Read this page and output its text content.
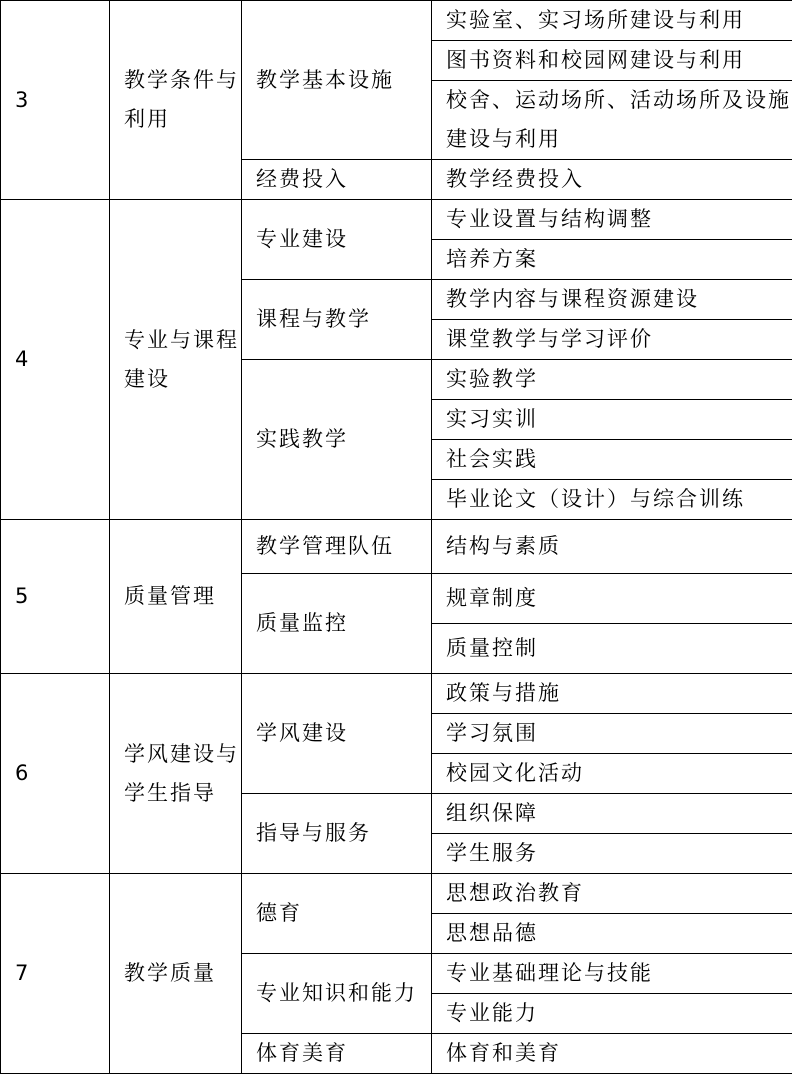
3	教学条件与利用	教学基本设施	实验室、实习场所建设与利用
			图书资料和校园网建设与利用
			校舍、运动场所、活动场所及设施建设与利用
		经费投入	教学经费投入
4	专业与课程建设	专业建设	专业设置与结构调整
			培养方案
		课程与教学	教学内容与课程资源建设
			课堂教学与学习评价
		实践教学	实验教学
			实习实训
			社会实践
			毕业论文（设计）与综合训练
5	质量管理	教学管理队伍	结构与素质
		质量监控	规章制度
			质量控制
6	学风建设与学生指导	学风建设	政策与措施
			学习氛围
			校园文化活动
		指导与服务	组织保障
			学生服务
7	教学质量	德育	思想政治教育
			思想品德
		专业知识和能力	专业基础理论与技能
			专业能力
		体育美育	体育和美育
